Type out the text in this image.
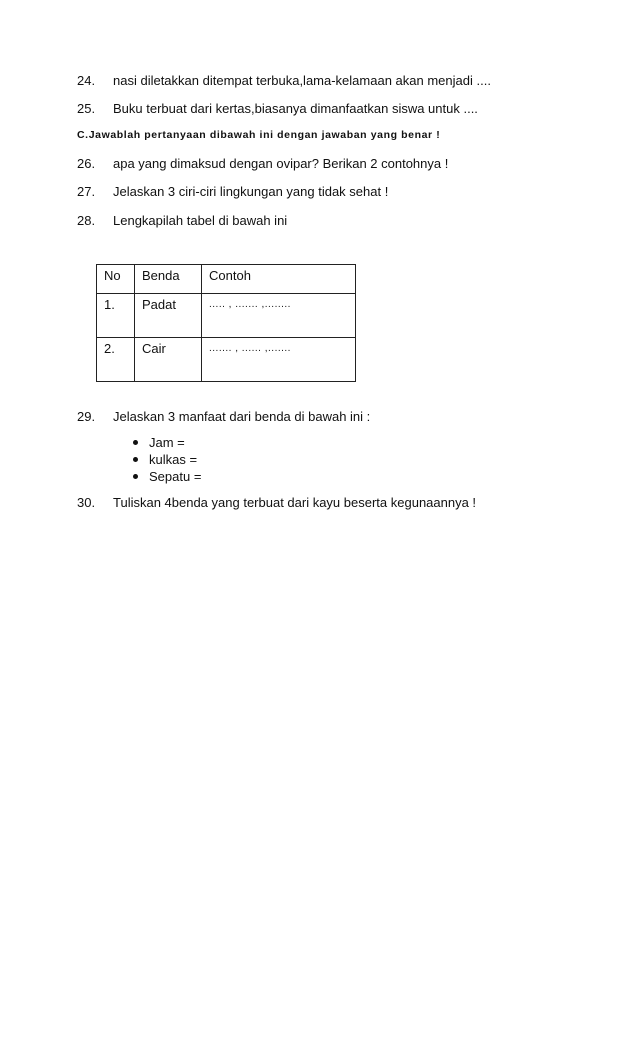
24. nasi diletakkan ditempat terbuka,lama-kelamaan akan menjadi ....
25. Buku terbuat dari kertas,biasanya dimanfaatkan siswa untuk ....
C.Jawablah pertanyaan dibawah ini dengan jawaban yang benar !
26. apa yang dimaksud dengan ovipar? Berikan 2 contohnya !
27. Jelaskan 3 ciri-ciri lingkungan yang tidak sehat !
28. Lengkapilah tabel di bawah ini
No	Benda	Contoh

1.	Padat	..... , ....... ,........

2.	Cair	....... , ...... ,.......
29. Jelaskan 3 manfaat dari benda di bawah ini :
Jam =
kulkas =
Sepatu =
30. Tuliskan 4benda yang terbuat dari kayu beserta kegunaannya !
